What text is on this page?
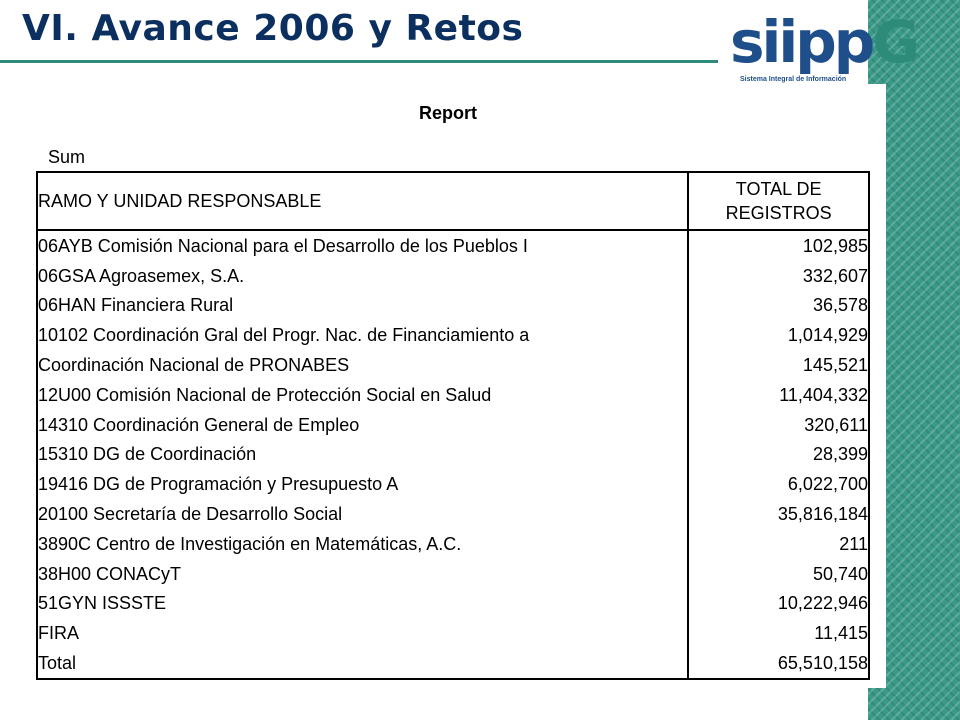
VI. Avance 2006 y Retos	siippG
Sistema Integral de Información
Report
Sum
RAMO Y UNIDAD RESPONSABLE	TOTAL DE
REGISTROS
06AYB Comisión Nacional para el Desarrollo de los Pueblos I	102,985
06GSA Agroasemex, S.A.	332,607
06HAN Financiera Rural	36,578
10102 Coordinación Gral del Progr. Nac. de Financiamiento a	1,014,929
Coordinación Nacional de PRONABES	145,521
12U00 Comisión Nacional de Protección Social en Salud	11,404,332
14310 Coordinación General de Empleo	320,611
15310 DG de Coordinación	28,399
19416 DG de Programación y Presupuesto A	6,022,700
20100 Secretaría de Desarrollo Social	35,816,184
3890C Centro de Investigación en Matemáticas, A.C.	211
38H00 CONACyT	50,740
51GYN ISSSTE	10,222,946
FIRA	11,415
Total	65,510,158
